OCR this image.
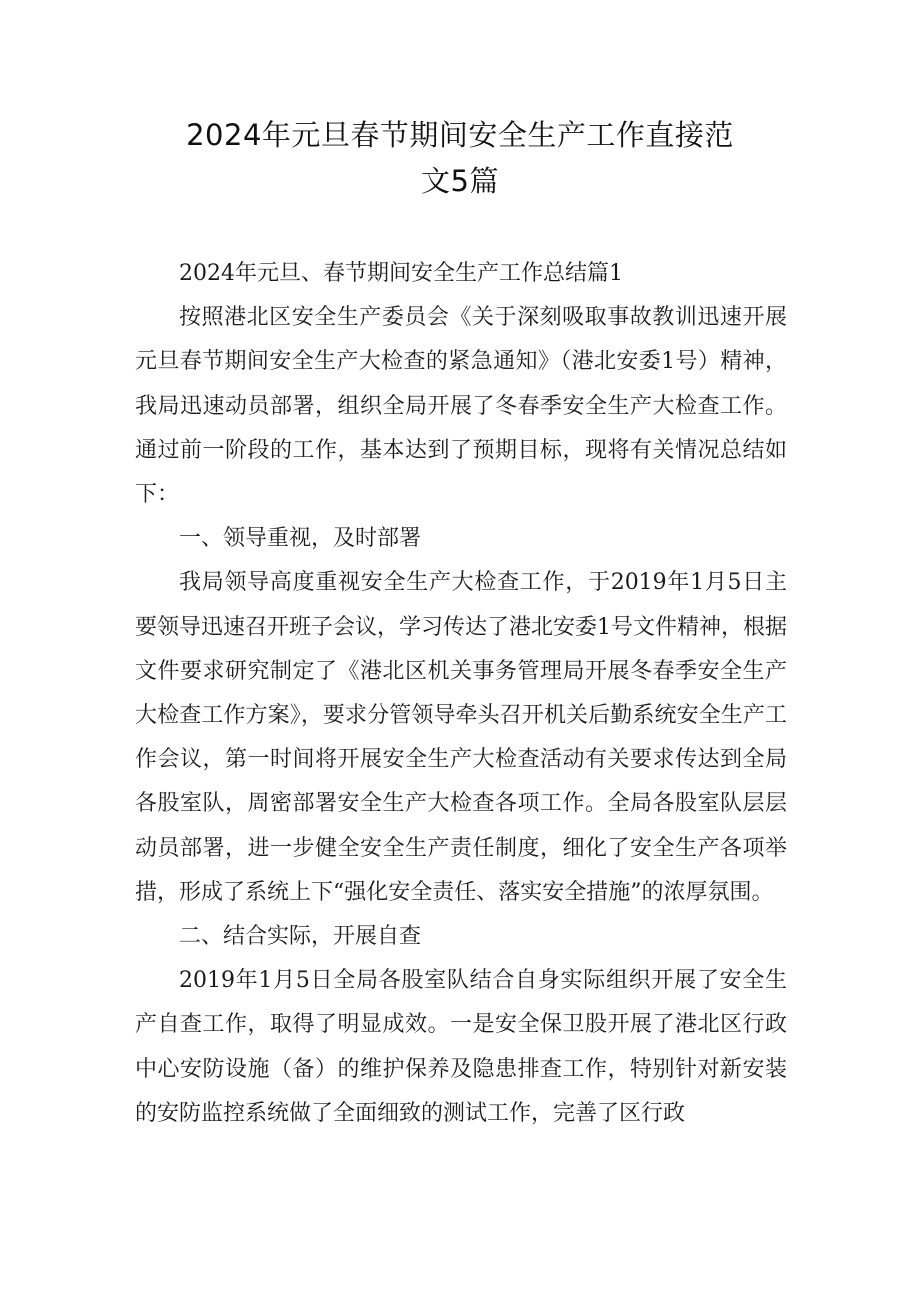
2024年元旦春节期间安全生产工作直接范
文5篇

2024年元旦、春节期间安全生产工作总结篇1

按照港北区安全生产委员会《关于深刻吸取事故教训迅速开展元旦春节期间安全生产大检查的紧急通知》（港北安委1号）精神，我局迅速动员部署，组织全局开展了冬春季安全生产大检查工作。通过前一阶段的工作，基本达到了预期目标，现将有关情况总结如下：

一、领导重视，及时部署

我局领导高度重视安全生产大检查工作，于2019年1月5日主要领导迅速召开班子会议，学习传达了港北安委1号文件精神，根据文件要求研究制定了《港北区机关事务管理局开展冬春季安全生产大检查工作方案》，要求分管领导牵头召开机关后勤系统安全生产工作会议，第一时间将开展安全生产大检查活动有关要求传达到全局各股室队，周密部署安全生产大检查各项工作。全局各股室队层层动员部署，进一步健全安全生产责任制度，细化了安全生产各项举措，形成了系统上下“强化安全责任、落实安全措施”的浓厚氛围。

二、结合实际，开展自查

2019年1月5日全局各股室队结合自身实际组织开展了安全生产自查工作，取得了明显成效。一是安全保卫股开展了港北区行政中心安防设施（备）的维护保养及隐患排查工作，特别针对新安装的安防监控系统做了全面细致的测试工作，完善了区行政
